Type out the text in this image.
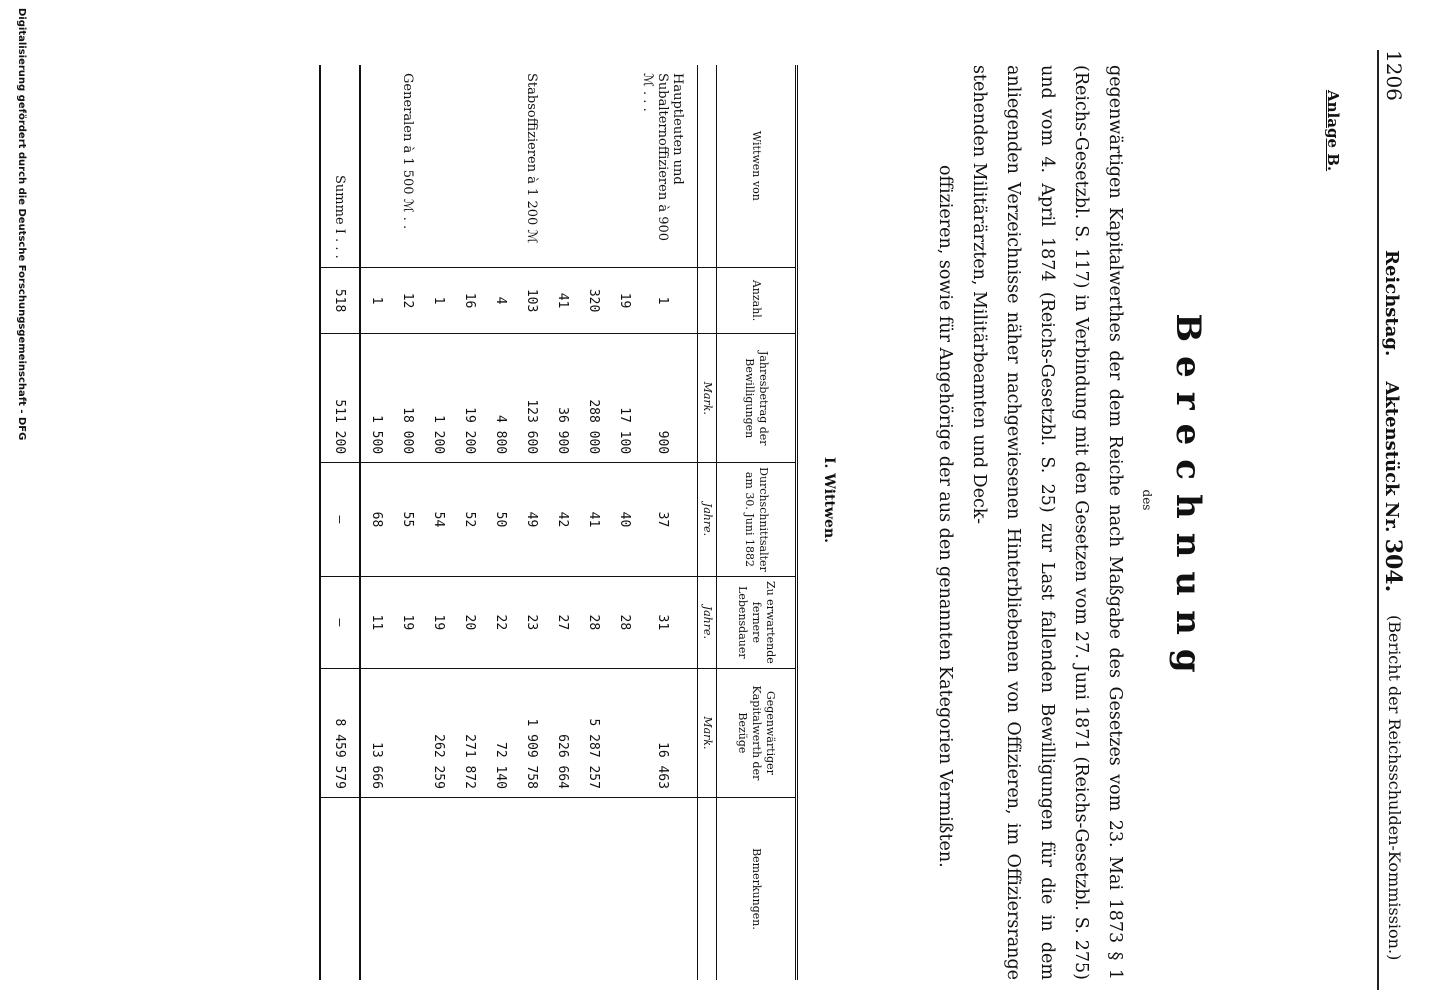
1206
Reichstag.    Aktenstück Nr. 304.
(Bericht der Reichsschulden-Kommission.)
Anlage B.
Berechnung
des

gegenwärtigen Kapitalwerthes der dem Reiche nach Maßgabe des Gesetzes vom 23. Mai 1873 § 1 (Reichs-Gesetzbl. S. 117) in Verbindung mit den Gesetzen vom 27. Juni 1871 (Reichs-Gesetzbl. S. 275) und vom 4. April 1874 (Reichs-Gesetzbl. S. 25) zur Last fallenden Bewilligungen für die in dem anliegenden Verzeichnisse näher nachgewiesenen Hinterbliebenen von Offizieren, im Offiziersrange stehenden Militärärzten, Militärbeamten und Deck-

offizieren, sowie für Angehörige der aus den genannten Kategorien Vermißten.

I. Wittwen.
Wittwen von	Anzahl.	Jahresbetrag der Bewilligungen	Durchschnittsalter am 30. Juni 1882	Zu erwartende fernere Lebensdauer	Gegenwärtiger Kapitalwerth der Bezüge	Bemerkungen.
		Mark.	Jahre.	Jahre.	Mark.	

Hauptleuten und Subalternoffizieren à 900 ℳ . . .	1	900	37	31	16 463	
	19	17 100	40	28		
	320	288 000	41	28	5 287 257	
	41	36 900	42	27	626 664	
Stabsoffizieren à 1 200 ℳ	103	123 600	49	23	1 909 758	
	4	4 800	50	22	72 140	
	16	19 200	52	20	271 872	
	1	1 200	54	19	262 259	
Generalen à 1 500 ℳ . .	12	18 000	55	19		
	1	1 500	68	11	13 666	
Summe I . . .	518	511 200	—	—	8 459 579	
Digitalisierung gefördert durch die Deutsche Forschungsgemeinschaft - DFG
